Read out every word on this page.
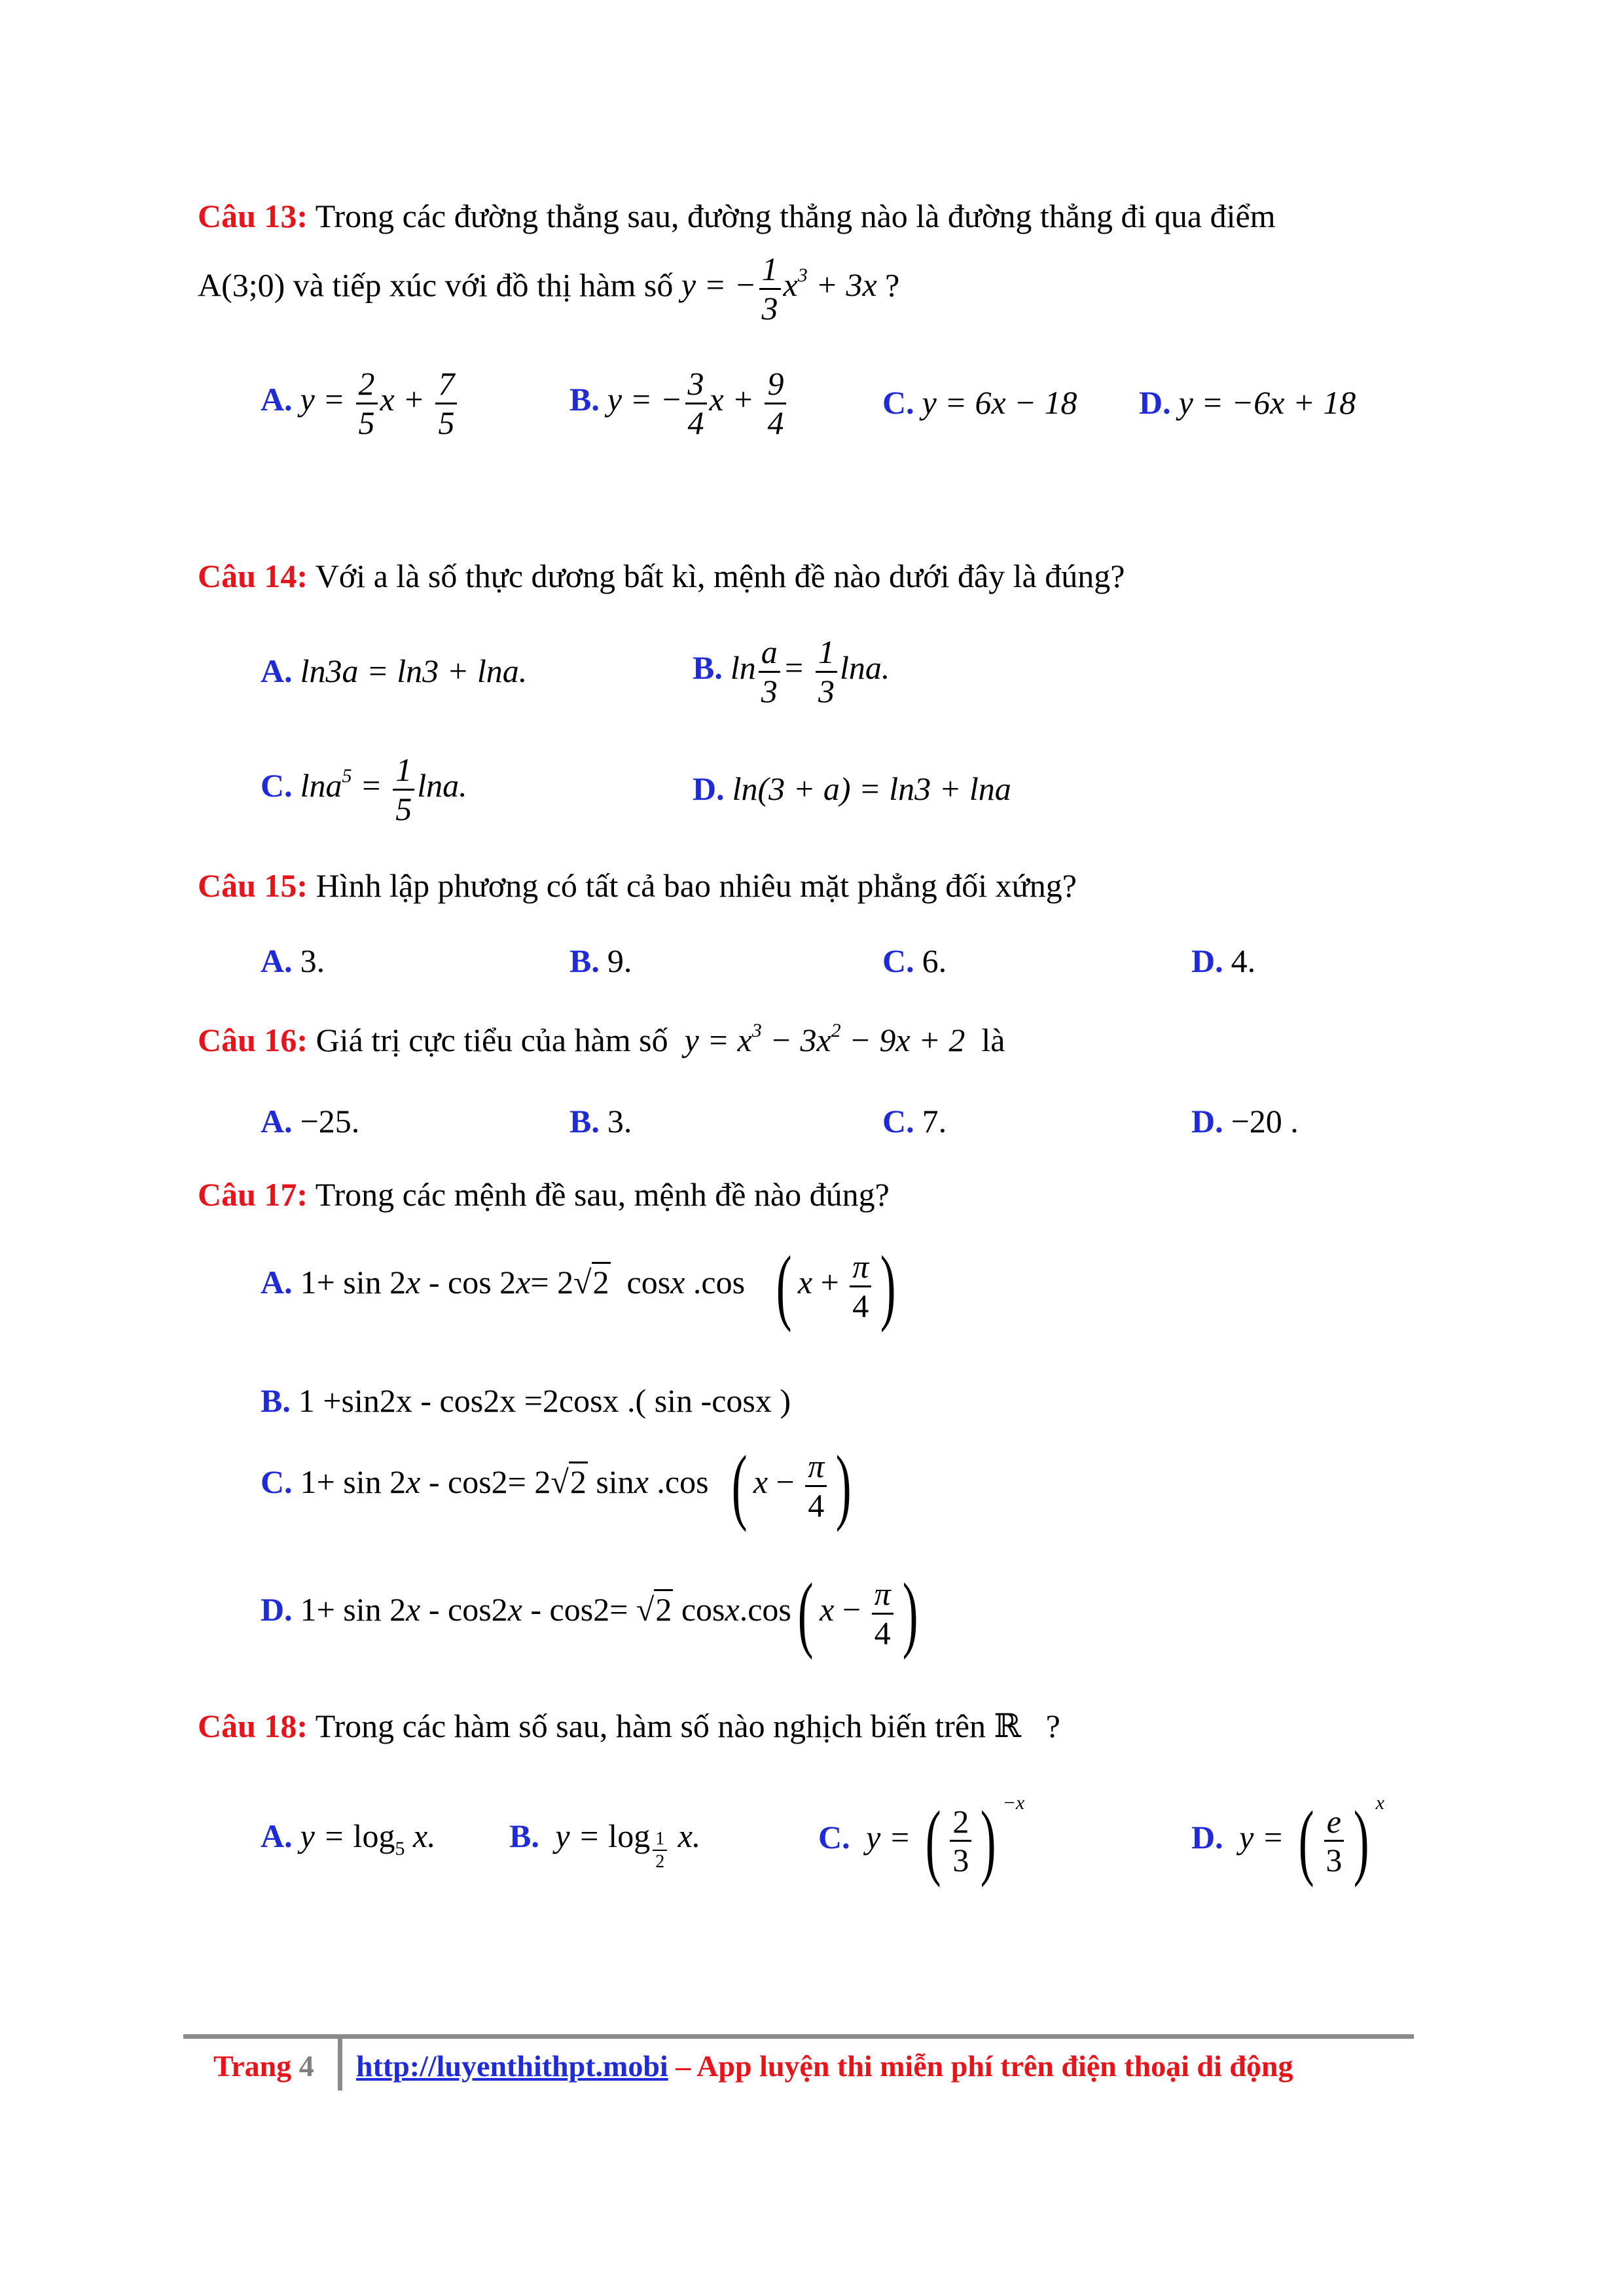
Câu 13: Trong các đường thẳng sau, đường thẳng nào là đường thẳng đi qua điểm
A(3;0) và tiếp xúc với đồ thị hàm số y = − $\frac{1}{3} x^3 + 3x$ ?
A. $y = \frac{2}{5}$ $x + \frac{7}{5}$	B. y = − $\frac{3}{4}$ $x + \frac{9}{4}$	C. y = 6x − 18 D. y = −6x + 18
Câu 14: Với a là số thực dương bất kì, mệnh đề nào dưới đây là đúng?
A. ln3a = ln3 + lna.	B. $\ln \frac{a}{3} = \frac{1}{3} \ln a$.
C. $\ln a^5 = \frac{1}{5} \ln a$.	D. ln(3 + a) = ln3 + lna
Câu 15: Hình lập phương có tất cả bao nhiêu mặt phẳng đối xứng?
A. 3.	B. 9.	C. 6.	D. 4.
Câu 16: Giá trị cực tiểu của hàm số  $y = x^3 - 3x^2 - 9x + 2$  là
A. −25.	B. 3.	C. 7.	D. −20 .
Câu 17: Trong các mệnh đề sau, mệnh đề nào đúng?
A. 1+ sin 2x - cos 2x= 2√2  cosx .cos   ( $x + \frac{\pi}{4}$ )
B. 1 +sin2x - cos2x =2cosx .( sin -cosx )
C. 1+ sin 2x - cos2= 2√2 sinx .cos  ( $x - \frac{\pi}{4}$ )
D. 1+ sin 2x - cos2x - cos2= √2 cosx.cos( $x - \frac{\pi}{4}$ )
Câu 18: Trong các hàm số sau, hàm số nào nghịch biến trên ℝ ?
A. $y = \log_5 x$. B. y = log $_{\frac{1}{2}}$ x.	C. y = ( $\frac{2}{3}$ ) $^{-x}$
D. y = ( $\frac{e}{3}$ ) $^x$
Trang 4 http://luyenthithpt.mobi – App luyện thi miễn phí trên điện thoại di động
